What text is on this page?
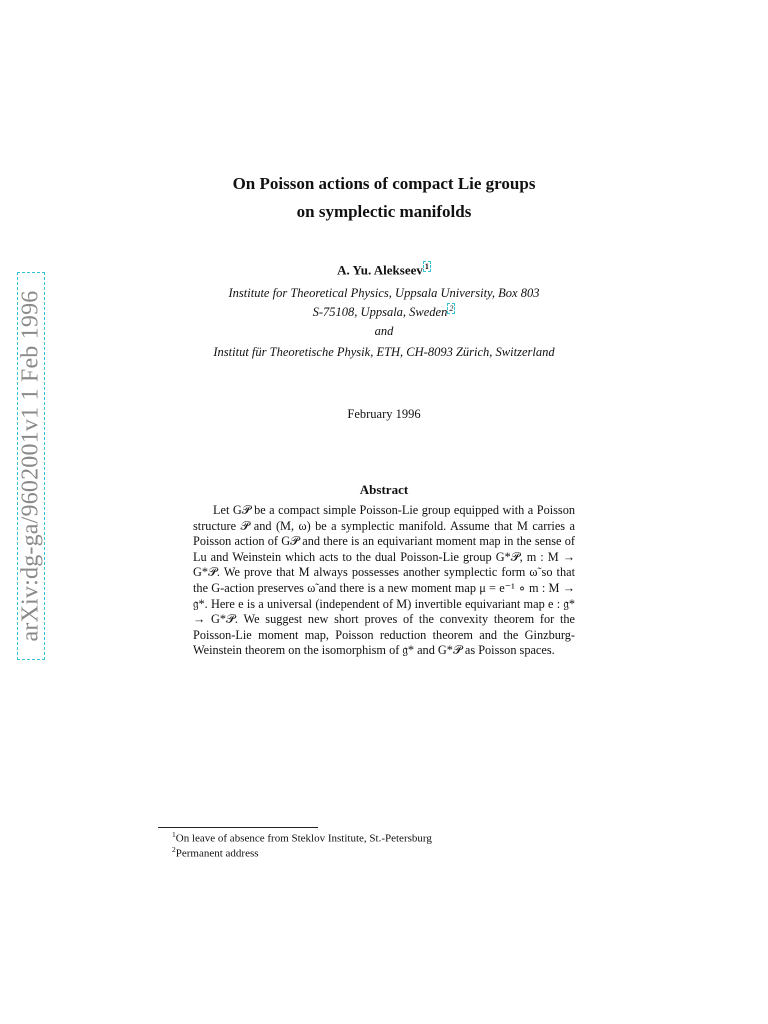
arXiv:dg-ga/9602001v1 1 Feb 1996
On Poisson actions of compact Lie groups
on symplectic manifolds
A. Yu. Alekseev $^1$
Institute for Theoretical Physics, Uppsala University, Box 803
S-75108, Uppsala, Sweden $^2$
and
Institut für Theoretische Physik, ETH, CH-8093 Zürich, Switzerland
February 1996
Abstract
Let G𝒫 be a compact simple Poisson-Lie group equipped with a Poisson structure 𝒫 and (M, ω) be a symplectic manifold. Assume that M carries a Poisson action of G𝒫 and there is an equivariant moment map in the sense of Lu and Weinstein which acts to the dual Poisson-Lie group G*𝒫, m : M → G*𝒫. We prove that M always possesses another symplectic form ω̃ so that the G-action preserves ω̃ and there is a new moment map μ = e⁻¹ ∘ m : M → 𝔤*. Here e is a universal (independent of M) invertible equivariant map e : 𝔤* → G*𝒫. We suggest new short proves of the convexity theorem for the Poisson-Lie moment map, Poisson reduction theorem and the Ginzburg-Weinstein theorem on the isomorphism of 𝔤* and G*𝒫 as Poisson spaces.
$^1$On leave of absence from Steklov Institute, St.-Petersburg
$^2$Permanent address
